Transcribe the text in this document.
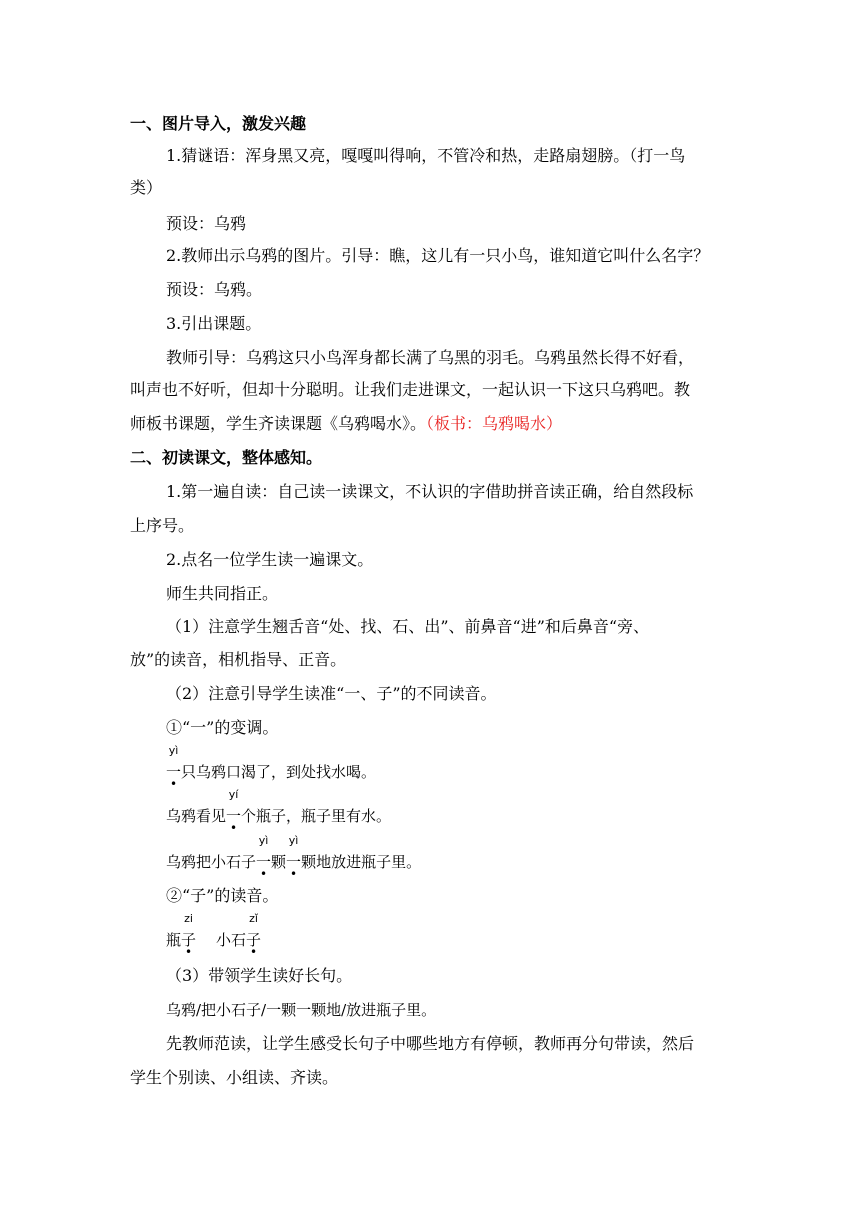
一、图片导入，激发兴趣
1.猜谜语：浑身黑又亮，嘎嘎叫得响，不管冷和热，走路扇翅膀。（打一鸟
类）
预设：乌鸦
2.教师出示乌鸦的图片。引导：瞧，这儿有一只小鸟，谁知道它叫什么名字？
预设：乌鸦。
3.引出课题。
教师引导：乌鸦这只小鸟浑身都长满了乌黑的羽毛。乌鸦虽然长得不好看，
叫声也不好听，但却十分聪明。让我们走进课文，一起认识一下这只乌鸦吧。教
师板书课题，学生齐读课题《乌鸦喝水》。（板书：乌鸦喝水）
二、初读课文，整体感知。
1.第一遍自读：自己读一读课文，不认识的字借助拼音读正确，给自然段标
上序号。
2.点名一位学生读一遍课文。
师生共同指正。
（1）注意学生翘舌音“处、找、石、出”、前鼻音“进”和后鼻音“旁、
放”的读音，相机指导、正音。
（2）注意引导学生读准“一、子”的不同读音。
①“一”的变调。
yì
一
•
只乌鸦口渴了，到处找水喝。
乌鸦看见
yí
一
•
个瓶子，瓶子里有水。
乌鸦把小石子
yì
一
•
颗
yì
一
•
颗地放进瓶子里。
②“子”的读音。
瓶
zi
子
•
小石
zǐ
子
•
（3）带领学生读好长句。
乌鸦/把小石子/一颗一颗地/放进瓶子里。
先教师范读，让学生感受长句子中哪些地方有停顿，教师再分句带读，然后
学生个别读、小组读、齐读。
